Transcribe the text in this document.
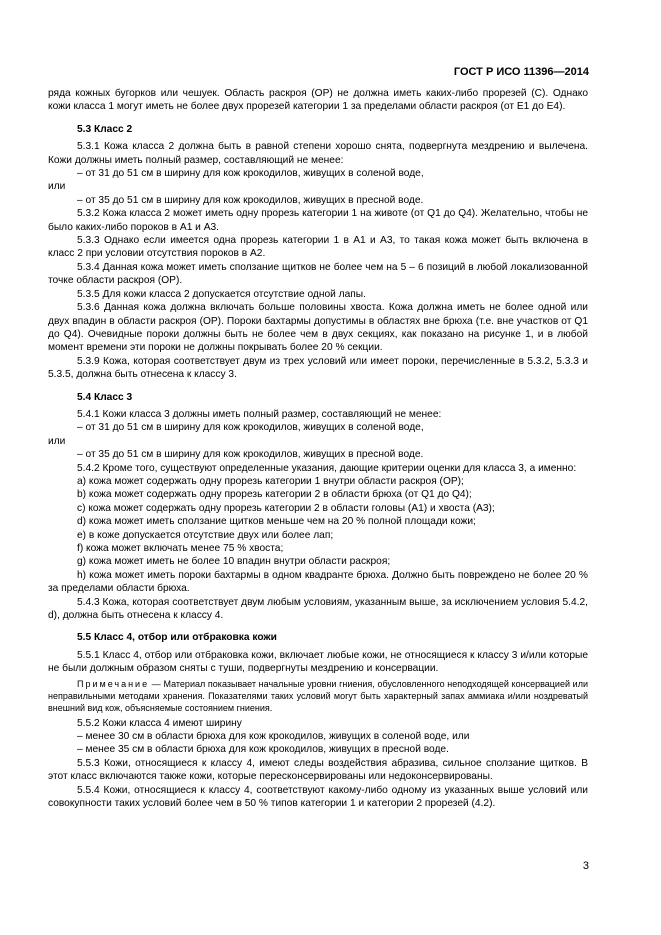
ГОСТ Р ИСО 11396—2014

ряда кожных бугорков или чешуек. Область раскроя (ОР) не должна иметь каких-либо прорезей (С). Однако кожи класса 1 могут иметь не более двух прорезей категории 1 за пределами области раскроя (от Е1 до Е4).

5.3 Класс 2

5.3.1 Кожа класса 2 должна быть в равной степени хорошо снята, подвергнута мездрению и вылечена. Кожи должны иметь полный размер, составляющий не менее:

– от 31 до 51 см в ширину для кож крокодилов, живущих в соленой воде,

или

– от 35 до 51 см в ширину для кож крокодилов, живущих в пресной воде.

5.3.2 Кожа класса 2 может иметь одну прорезь категории 1 на животе (от Q1 до Q4). Желательно, чтобы не было каких-либо пороков в А1 и А3.

5.3.3 Однако если имеется одна прорезь категории 1 в А1 и А3, то такая кожа может быть включена в класс 2 при условии отсутствия пороков в А2.

5.3.4 Данная кожа может иметь сползание щитков не более чем на 5 – 6 позиций в любой локализованной точке области раскроя (ОР).

5.3.5 Для кожи класса 2 допускается отсутствие одной лапы.

5.3.6 Данная кожа должна включать больше половины хвоста. Кожа должна иметь не более одной или двух впадин в области раскроя (ОР). Пороки бахтармы допустимы в областях вне брюха (т.е. вне участков от Q1 до Q4). Очевидные пороки должны быть не более чем в двух секциях, как показано на рисунке 1, и в любой момент времени эти пороки не должны покрывать более 20 % секции.

5.3.9 Кожа, которая соответствует двум из трех условий или имеет пороки, перечисленные в 5.3.2, 5.3.3 и 5.3.5, должна быть отнесена к классу 3.

5.4 Класс 3

5.4.1 Кожи класса 3 должны иметь полный размер, составляющий не менее:

– от 31 до 51 см в ширину для кож крокодилов, живущих в соленой воде,

или

– от 35 до 51 см в ширину для кож крокодилов, живущих в пресной воде.

5.4.2 Кроме того, существуют определенные указания, дающие критерии оценки для класса 3, а именно:

а) кожа может содержать одну прорезь категории 1 внутри области раскроя (ОР);

b) кожа может содержать одну прорезь категории 2 в области брюха (от Q1 до Q4);

с) кожа может содержать одну прорезь категории 2 в области головы (А1) и хвоста (А3);

d) кожа может иметь сползание щитков меньше чем на 20 % полной площади кожи;

е) в коже допускается отсутствие двух или более лап;

f) кожа может включать менее 75 % хвоста;

g) кожа может иметь не более 10 впадин внутри области раскроя;

h) кожа может иметь пороки бахтармы в одном квадранте брюха. Должно быть повреждено не более 20 % за пределами области брюха.

5.4.3 Кожа, которая соответствует двум любым условиям, указанным выше, за исключением условия 5.4.2, d), должна быть отнесена к классу 4.

5.5 Класс 4, отбор или отбраковка кожи

5.5.1 Класс 4, отбор или отбраковка кожи, включает любые кожи, не относящиеся к классу 3 и/или которые не были должным образом сняты с туши, подвергнуты мездрению и консервации.

Примечание — Материал показывает начальные уровни гниения, обусловленного неподходящей консервацией или неправильными методами хранения. Показателями таких условий могут быть характерный запах аммиака и/или ноздреватый внешний вид кож, объясняемые состоянием гниения.

5.5.2 Кожи класса 4 имеют ширину

– менее 30 см в области брюха для кож крокодилов, живущих в соленой воде, или

– менее 35 см в области брюха для кож крокодилов, живущих в пресной воде.

5.5.3 Кожи, относящиеся к классу 4, имеют следы воздействия абразива, сильное сползание щитков. В этот класс включаются также кожи, которые пересконсервированы или недоконсервированы.

5.5.4 Кожи, относящиеся к классу 4, соответствуют какому-либо одному из указанных выше условий или совокупности таких условий более чем в 50 % типов категории 1 и категории 2 прорезей (4.2).

3
